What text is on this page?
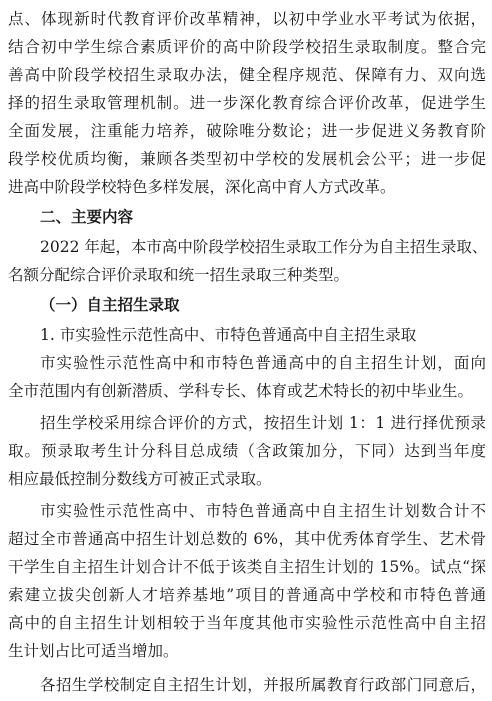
点、体现新时代教育评价改革精神，以初中学业水平考试为依据，
结合初中学生综合素质评价的高中阶段学校招生录取制度。整合完
善高中阶段学校招生录取办法，健全程序规范、保障有力、双向选
择的招生录取管理机制。进一步深化教育综合评价改革，促进学生
全面发展，注重能力培养，破除唯分数论；进一步促进义务教育阶
段学校优质均衡，兼顾各类型初中学校的发展机会公平；进一步促
进高中阶段学校特色多样发展，深化高中育人方式改革。
二、主要内容
2022 年起，本市高中阶段学校招生录取工作分为自主招生录取、
名额分配综合评价录取和统一招生录取三种类型。
（一）自主招生录取
1. 市实验性示范性高中、市特色普通高中自主招生录取
市实验性示范性高中和市特色普通高中的自主招生计划，面向
全市范围内有创新潜质、学科专长、体育或艺术特长的初中毕业生。
招生学校采用综合评价的方式，按招生计划 1：1 进行择优预录
取。预录取考生计分科目总成绩（含政策加分，下同）达到当年度
相应最低控制分数线方可被正式录取。
市实验性示范性高中、市特色普通高中自主招生计划数合计不
超过全市普通高中招生计划总数的 6%，其中优秀体育学生、艺术骨
干学生自主招生计划合计不低于该类自主招生计划的 15%。试点“探
索建立拔尖创新人才培养基地”项目的普通高中学校和市特色普通
高中的自主招生计划相较于当年度其他市实验性示范性高中自主招
生计划占比可适当增加。
各招生学校制定自主招生计划，并报所属教育行政部门同意后，
